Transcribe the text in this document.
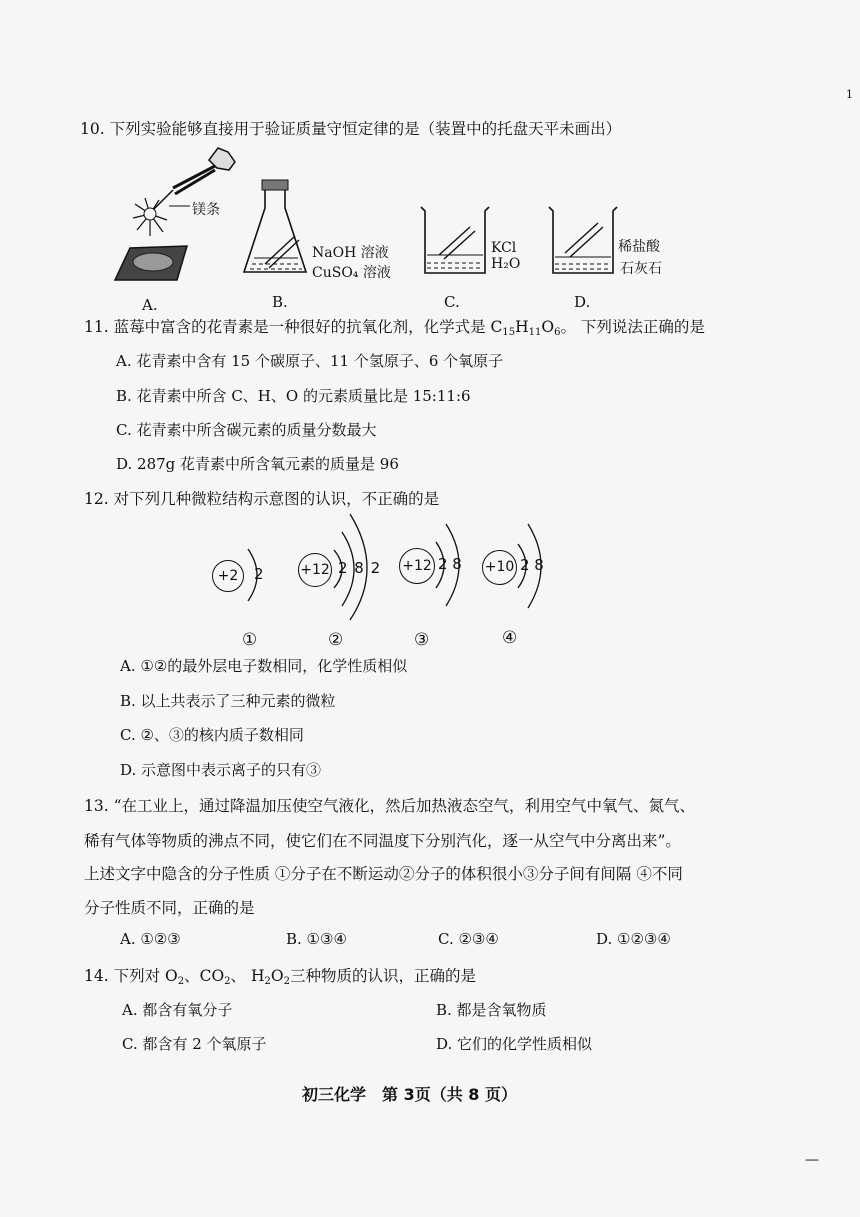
1
—
10. 下列实验能够直接用于验证质量守恒定律的是（装置中的托盘天平未画出）
镁条
NaOH 溶液
CuSO₄ 溶液
KCl
H₂O
稀盐酸
石灰石
A.	B.	C.	D.
11. 蓝莓中富含的花青素是一种很好的抗氧化剂，化学式是 $C_{15}H_{11}O_6$。 下列说法正确的是
A. 花青素中含有 15 个碳原子、11 个氢原子、6 个氧原子
B. 花青素中所含 C、H、O 的元素质量比是 15:11:6
C. 花青素中所含碳元素的质量分数最大
D. 287g 花青素中所含氧元素的质量是 96
12. 对下列几种微粒结构示意图的认识，不正确的是
+2	2
①
+12 2 8 2
②
+12 2 8
③
+10 2 8
④
A. ①②的最外层电子数相同，化学性质相似
B. 以上共表示了三种元素的微粒
C. ②、③的核内质子数相同
D. 示意图中表示离子的只有③
13. “在工业上，通过降温加压使空气液化，然后加热液态空气，利用空气中氧气、氮气、
稀有气体等物质的沸点不同，使它们在不同温度下分别汽化，逐一从空气中分离出来”。
上述文字中隐含的分子性质 ①分子在不断运动②分子的体积很小③分子间有间隔 ④不同
分子性质不同，正确的是
A. ①②③	B. ①③④	C. ②③④	D. ①②③④
14. 下列对 $O_2$、$CO_2$、 $H_2O_2$三种物质的认识，正确的是
A. 都含有氧分子	B. 都是含氧物质
C. 都含有 2 个氧原子	D. 它们的化学性质相似
初三化学　第 3页（共 8 页）
